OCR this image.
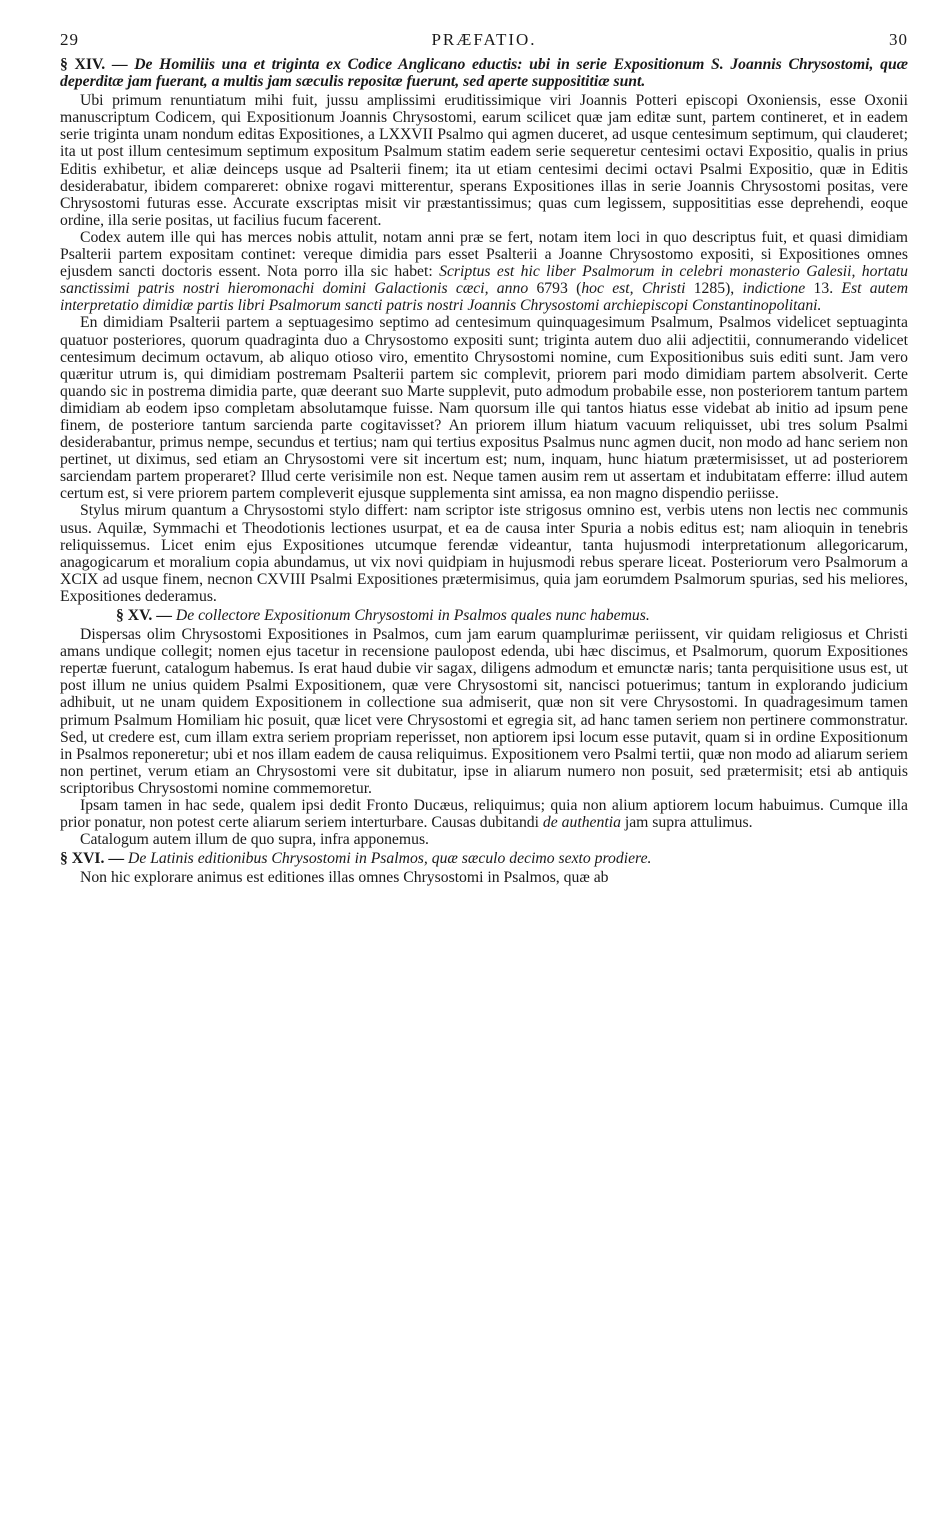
29	PRÆFATIO.	30

§ XIV. — De Homiliis una et triginta ex Codice Anglicano eductis: ubi in serie Expositionum S. Joannis Chrysostomi, quæ deperditæ jam fuerant, a multis jam sæculis repositæ fuerunt, sed aperte supposititiæ sunt.

Ubi primum renuntiatum mihi fuit, jussu amplissimi eruditissimique viri Joannis Potteri episcopi Oxoniensis, esse Oxonii manuscriptum Codicem, qui Expositionum Joannis Chrysostomi, earum scilicet quæ jam editæ sunt, partem contineret, et in eadem serie triginta unam nondum editas Expositiones, a LXXVII Psalmo qui agmen duceret, ad usque centesimum septimum, qui clauderet; ita ut post illum centesimum septimum expositum Psalmum statim eadem serie sequeretur centesimi octavi Expositio, qualis in prius Editis exhibetur, et aliæ deinceps usque ad Psalterii finem; ita ut etiam centesimi decimi octavi Psalmi Expositio, quæ in Editis desiderabatur, ibidem compareret: obnixe rogavi mitterentur, sperans Expositiones illas in serie Joannis Chrysostomi positas, vere Chrysostomi futuras esse. Accurate exscriptas misit vir præstantissimus; quas cum legissem, supposititias esse deprehendi, eoque ordine, illa serie positas, ut facilius fucum facerent.

Codex autem ille qui has merces nobis attulit, notam anni præ se fert, notam item loci in quo descriptus fuit, et quasi dimidiam Psalterii partem expositam continet: vereque dimidia pars esset Psalterii a Joanne Chrysostomo expositi, si Expositiones omnes ejusdem sancti doctoris essent. Nota porro illa sic habet: Scriptus est hic liber Psalmorum in celebri monasterio Galesii, hortatu sanctissimi patris nostri hieromonachi domini Galactionis cæci, anno 6793 (hoc est, Christi 1285), indictione 13. Est autem interpretatio dimidiæ partis libri Psalmorum sancti patris nostri Joannis Chrysostomi archiepiscopi Constantinopolitani.

En dimidiam Psalterii partem a septuagesimo septimo ad centesimum quinquagesimum Psalmum, Psalmos videlicet septuaginta quatuor posteriores, quorum quadraginta duo a Chrysostomo expositi sunt; triginta autem duo alii adjectitii, connumerando videlicet centesimum decimum octavum, ab aliquo otioso viro, ementito Chrysostomi nomine, cum Expositionibus suis editi sunt. Jam vero quæritur utrum is, qui dimidiam postremam Psalterii partem sic complevit, priorem pari modo dimidiam partem absolverit. Certe quando sic in postrema dimidia parte, quæ deerant suo Marte supplevit, puto admodum probabile esse, non posteriorem tantum partem dimidiam ab eodem ipso completam absolutamque fuisse. Nam quorsum ille qui tantos hiatus esse videbat ab initio ad ipsum pene finem, de posteriore tantum sarcienda parte cogitavisset? An priorem illum hiatum vacuum reliquisset, ubi tres solum Psalmi desiderabantur, primus nempe, secundus et tertius; nam qui tertius expositus Psalmus nunc agmen ducit, non modo ad hanc seriem non pertinet, ut diximus, sed etiam an Chrysostomi vere sit incertum est; num, inquam, hunc hiatum prætermisisset, ut ad posteriorem sarciendam partem properaret? Illud certe verisimile non est. Neque tamen ausim rem ut assertam et indubitatam efferre: illud autem certum est, si vere priorem partem compleverit ejusque supplementa sint amissa, ea non magno dispendio periisse.

Stylus mirum quantum a Chrysostomi stylo differt: nam scriptor iste strigosus omnino est, verbis utens non lectis nec communis usus. Aquilæ, Symmachi et Theodotionis lectiones usurpat, et ea de causa inter Spuria a nobis editus est; nam alioquin in tenebris reliquissemus. Licet enim ejus Expositiones utcumque ferendæ videantur, tanta hujusmodi interpretationum allegoricarum, anagogicarum et moralium copia abundamus, ut vix novi quidpiam in hujusmodi rebus sperare liceat. Posteriorum vero Psalmorum a XCIX ad usque finem, necnon CXVIII Psalmi Expositiones prætermisimus, quia jam eorumdem Psalmorum spurias, sed his meliores, Expositiones dederamus.

§ XV. — De collectore Expositionum Chrysostomi in Psalmos quales nunc habemus.

Dispersas olim Chrysostomi Expositiones in Psalmos, cum jam earum quamplurimæ periissent, vir quidam religiosus et Christi amans undique collegit; nomen ejus tacetur in recensione paulopost edenda, ubi hæc discimus, et Psalmorum, quorum Expositiones repertæ fuerunt, catalogum habemus. Is erat haud dubie vir sagax, diligens admodum et emunctæ naris; tanta perquisitione usus est, ut post illum ne unius quidem Psalmi Expositionem, quæ vere Chrysostomi sit, nancisci potuerimus; tantum in explorando judicium adhibuit, ut ne unam quidem Expositionem in collectione sua admiserit, quæ non sit vere Chrysostomi. In quadragesimum tamen primum Psalmum Homiliam hic posuit, quæ licet vere Chrysostomi et egregia sit, ad hanc tamen seriem non pertinere commonstratur. Sed, ut credere est, cum illam extra seriem propriam reperisset, non aptiorem ipsi locum esse putavit, quam si in ordine Expositionum in Psalmos reponeretur; ubi et nos illam eadem de causa reliquimus. Expositionem vero Psalmi tertii, quæ non modo ad aliarum seriem non pertinet, verum etiam an Chrysostomi vere sit dubitatur, ipse in aliarum numero non posuit, sed prætermisit; etsi ab antiquis scriptoribus Chrysostomi nomine commemoretur.

Ipsam tamen in hac sede, qualem ipsi dedit Fronto Ducæus, reliquimus; quia non alium aptiorem locum habuimus. Cumque illa prior ponatur, non potest certe aliarum seriem interturbare. Causas dubitandi de authentia jam supra attulimus.

Catalogum autem illum de quo supra, infra apponemus.

§ XVI. — De Latinis editionibus Chrysostomi in Psalmos, quæ sæculo decimo sexto prodiere.

Non hic explorare animus est editiones illas omnes Chrysostomi in Psalmos, quæ ab
